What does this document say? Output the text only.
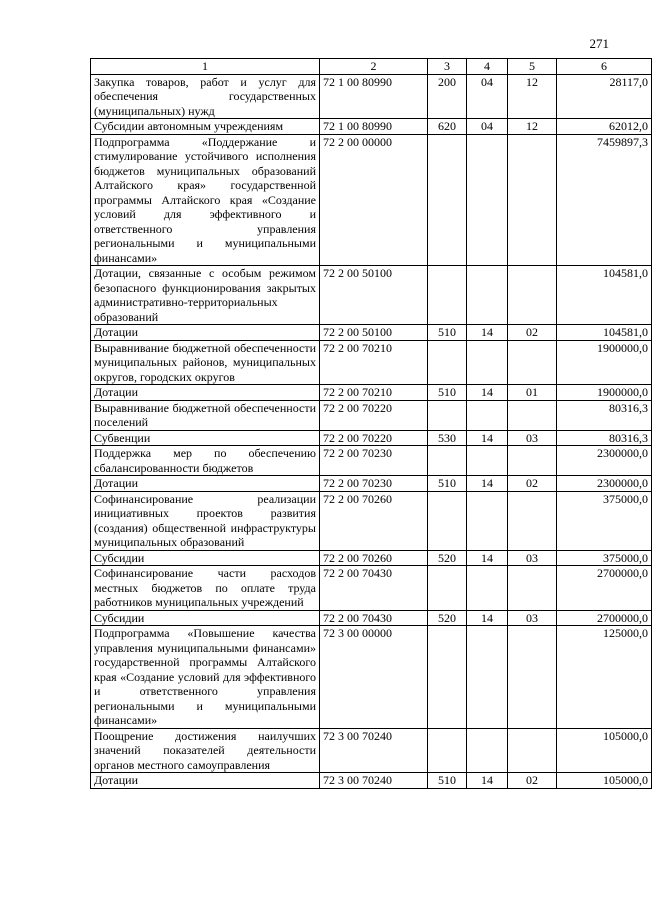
271
1	2	3	4	5	6
Закупка товаров, работ и услуг для обеспечения государственных (муниципальных) нужд	72 1 00 80990	200	04	12	28117,0
Субсидии автономным учреждениям	72 1 00 80990	620	04	12	62012,0
Подпрограмма «Поддержание и стимулирование устойчивого исполнения бюджетов муниципальных образований Алтайского края» государственной программы Алтайского края «Создание условий для эффективного и ответственного управления региональными и муниципальными финансами»	72 2 00 00000				7459897,3
Дотации, связанные с особым режимом безопасного функционирования закрытых административно-территориальных образований	72 2 00 50100				104581,0
Дотации	72 2 00 50100	510	14	02	104581,0
Выравнивание бюджетной обеспеченности муниципальных районов, муниципальных округов, городских округов	72 2 00 70210				1900000,0
Дотации	72 2 00 70210	510	14	01	1900000,0
Выравнивание бюджетной обеспеченности поселений	72 2 00 70220				80316,3
Субвенции	72 2 00 70220	530	14	03	80316,3
Поддержка мер по обеспечению сбалансированности бюджетов	72 2 00 70230				2300000,0
Дотации	72 2 00 70230	510	14	02	2300000,0
Софинансирование реализации инициативных проектов развития (создания) общественной инфраструктуры муниципальных образований	72 2 00 70260				375000,0
Субсидии	72 2 00 70260	520	14	03	375000,0
Софинансирование части расходов местных бюджетов по оплате труда работников муниципальных учреждений	72 2 00 70430				2700000,0
Субсидии	72 2 00 70430	520	14	03	2700000,0
Подпрограмма «Повышение качества управления муниципальными финансами» государственной программы Алтайского края «Создание условий для эффективного и ответственного управления региональными и муниципальными финансами»	72 3 00 00000				125000,0
Поощрение достижения наилучших значений показателей деятельности органов местного самоуправления	72 3 00 70240				105000,0
Дотации	72 3 00 70240	510	14	02	105000,0
